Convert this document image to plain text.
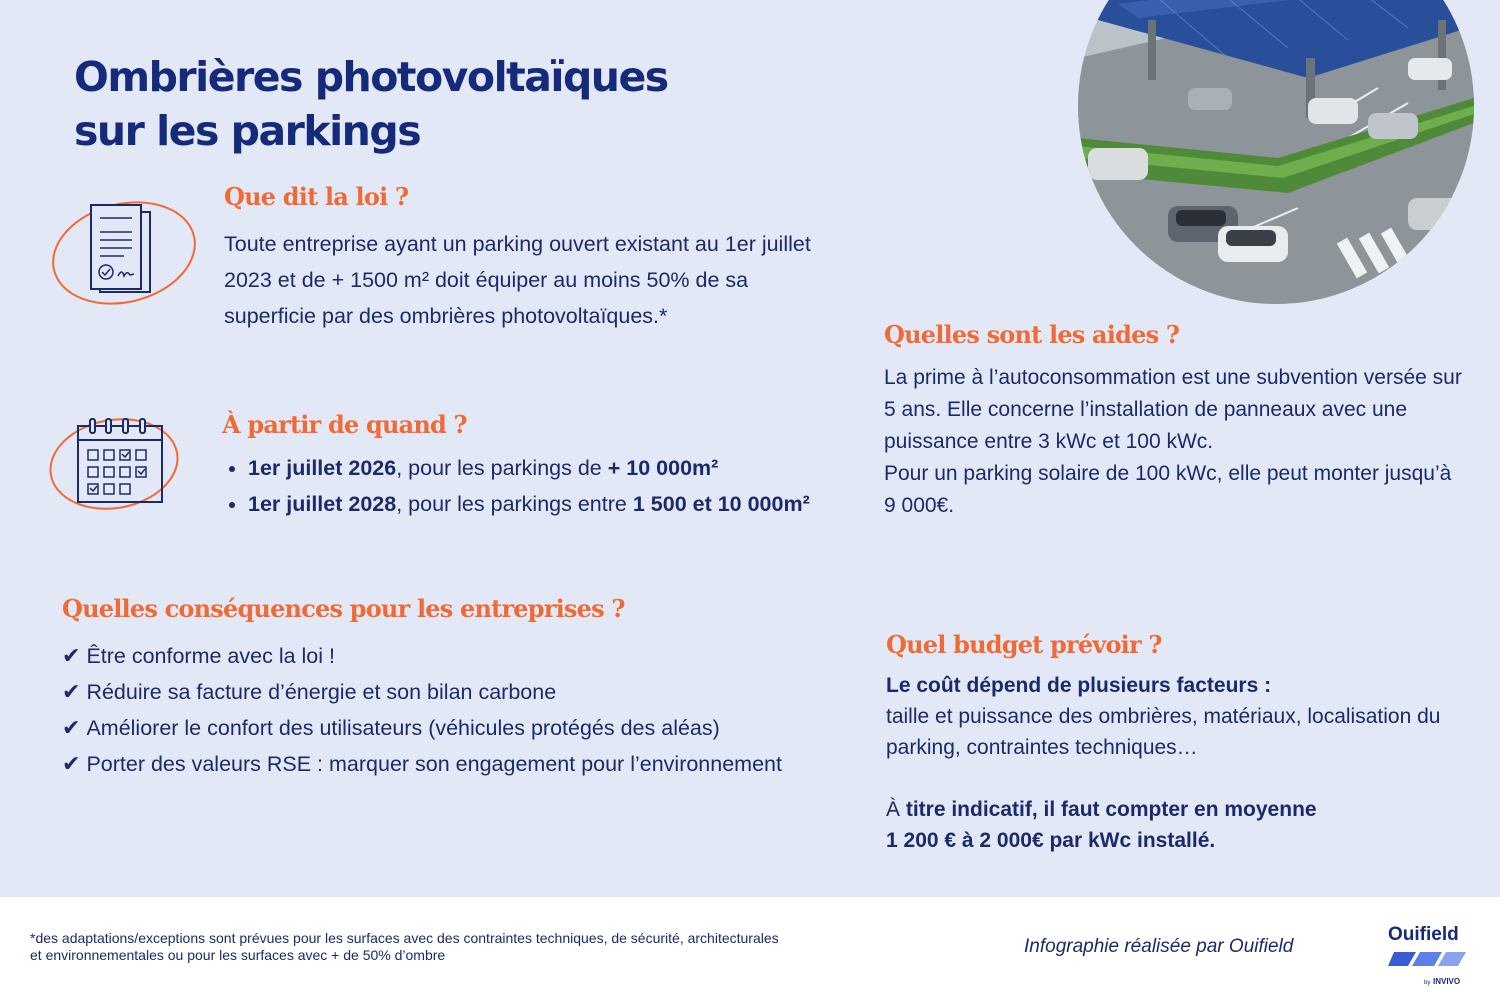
Ombrières photovoltaïques
sur les parkings
Que dit la loi ?

Toute entreprise ayant un parking ouvert existant au 1er juillet 2023 et de + 1500 m² doit équiper au moins 50% de sa superficie par des ombrières photovoltaïques.*

À partir de quand ?
• 1er juillet 2026, pour les parkings de + 10 000m²
• 1er juillet 2028, pour les parkings entre 1 500 et 10 000m²
Quelles conséquences pour les entreprises ?
✔ Être conforme avec la loi !
✔ Réduire sa facture d’énergie et son bilan carbone
✔ Améliorer le confort des utilisateurs (véhicules protégés des aléas)
✔ Porter des valeurs RSE : marquer son engagement pour l’environnement
Quelles sont les aides ?
La prime à l’autoconsommation est une subvention versée sur 5 ans. Elle concerne l’installation de panneaux avec une puissance entre 3 kWc et 100 kWc.
Pour un parking solaire de 100 kWc, elle peut monter jusqu’à 9 000€.
Quel budget prévoir ?
Le coût dépend de plusieurs facteurs :
taille et puissance des ombrières, matériaux, localisation du parking, contraintes techniques…
À titre indicatif, il faut compter en moyenne
1 200 € à 2 000€ par kWc installé.

*des adaptations/exceptions sont prévues pour les surfaces avec des contraintes techniques, de sécurité, architecturales et environnementales ou pour les surfaces avec + de 50% d’ombre	Infographie réalisée par Ouifield

Ouifield
by INVIVO
